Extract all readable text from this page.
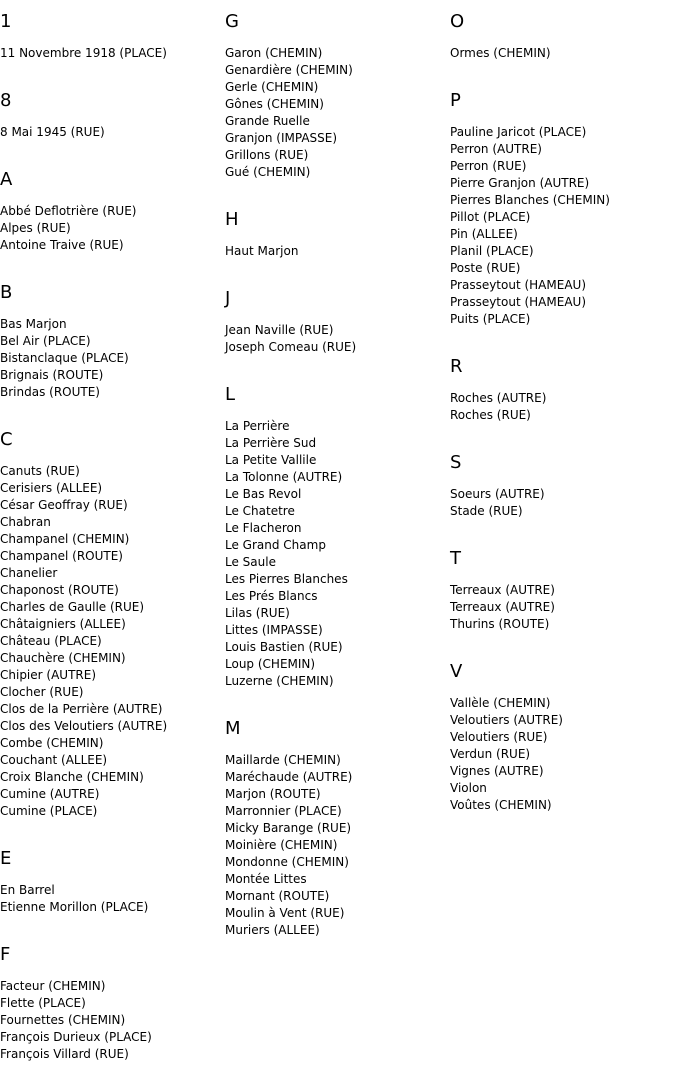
1
11 Novembre 1918 (PLACE)
8
8 Mai 1945 (RUE)
A
Abbé Deflotrière (RUE)
Alpes (RUE)
Antoine Traive (RUE)
B
Bas Marjon
Bel Air (PLACE)
Bistanclaque (PLACE)
Brignais (ROUTE)
Brindas (ROUTE)
C
Canuts (RUE)
Cerisiers (ALLEE)
César Geoffray (RUE)
Chabran
Champanel (CHEMIN)
Champanel (ROUTE)
Chanelier
Chaponost (ROUTE)
Charles de Gaulle (RUE)
Châtaigniers (ALLEE)
Château (PLACE)
Chauchère (CHEMIN)
Chipier (AUTRE)
Clocher (RUE)
Clos de la Perrière (AUTRE)
Clos des Veloutiers (AUTRE)
Combe (CHEMIN)
Couchant (ALLEE)
Croix Blanche (CHEMIN)
Cumine (AUTRE)
Cumine (PLACE)
E
En Barrel
Etienne Morillon (PLACE)
F
Facteur (CHEMIN)
Flette (PLACE)
Fournettes (CHEMIN)
François Durieux (PLACE)
François Villard (RUE)
G
Garon (CHEMIN)
Genardière (CHEMIN)
Gerle (CHEMIN)
Gônes (CHEMIN)
Grande Ruelle
Granjon (IMPASSE)
Grillons (RUE)
Gué (CHEMIN)
H
Haut Marjon
J
Jean Naville (RUE)
Joseph Comeau (RUE)
L
La Perrière
La Perrière Sud
La Petite Vallile
La Tolonne (AUTRE)
Le Bas Revol
Le Chatetre
Le Flacheron
Le Grand Champ
Le Saule
Les Pierres Blanches
Les Prés Blancs
Lilas (RUE)
Littes (IMPASSE)
Louis Bastien (RUE)
Loup (CHEMIN)
Luzerne (CHEMIN)
M
Maillarde (CHEMIN)
Maréchaude (AUTRE)
Marjon (ROUTE)
Marronnier (PLACE)
Micky Barange (RUE)
Moinière (CHEMIN)
Mondonne (CHEMIN)
Montée Littes
Mornant (ROUTE)
Moulin à Vent (RUE)
Muriers (ALLEE)
O
Ormes (CHEMIN)
P
Pauline Jaricot (PLACE)
Perron (AUTRE)
Perron (RUE)
Pierre Granjon (AUTRE)
Pierres Blanches (CHEMIN)
Pillot (PLACE)
Pin (ALLEE)
Planil (PLACE)
Poste (RUE)
Prasseytout (HAMEAU)
Prasseytout (HAMEAU)
Puits (PLACE)
R
Roches (AUTRE)
Roches (RUE)
S
Soeurs (AUTRE)
Stade (RUE)
T
Terreaux (AUTRE)
Terreaux (AUTRE)
Thurins (ROUTE)
V
Vallèle (CHEMIN)
Veloutiers (AUTRE)
Veloutiers (RUE)
Verdun (RUE)
Vignes (AUTRE)
Violon
Voûtes (CHEMIN)
